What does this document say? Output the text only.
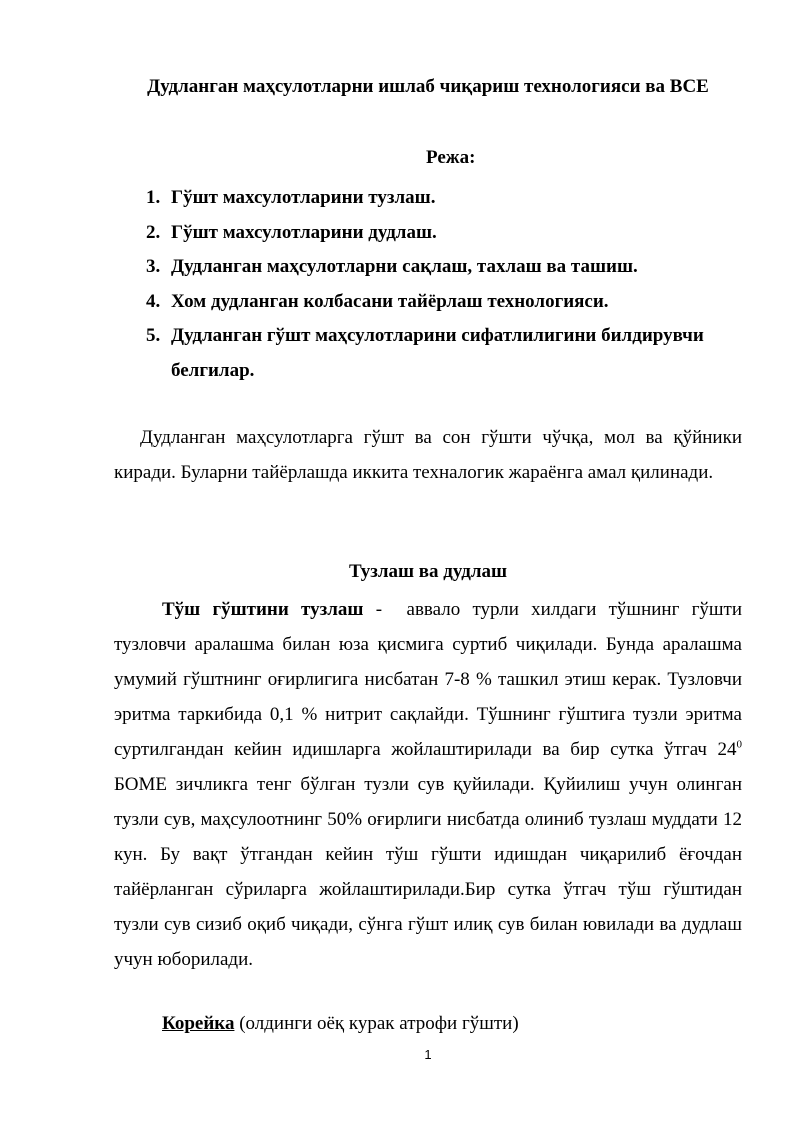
Дудланган маҳсулотларни ишлаб чиқариш технологияси ва ВСЕ
Режа:
1. Гўшт махсулотларини тузлаш.
2. Гўшт махсулотларини дудлаш.
3. Дудланган маҳсулотларни сақлаш, тахлаш ва ташиш.
4. Хом дудланган колбасани тайёрлаш технологияси.
5. Дудланган гўшт маҳсулотларини сифатлилигини билдирувчи белгилар.
Дудланган маҳсулотларга гўшт ва сон гўшти чўчқа, мол ва қўйники киради. Буларни тайёрлашда иккита техналогик жараёнга амал қилинади.
Тузлаш ва дудлаш
Тўш гўштини тузлаш -  аввало турли хилдаги тўшнинг гўшти тузловчи аралашма билан юза қисмига суртиб чиқилади. Бунда аралашма умумий гўштнинг оғирлигига нисбатан 7-8 % ташкил этиш керак. Тузловчи эритма таркибида 0,1 % нитрит сақлайди. Тўшнинг гўштига тузли эритма суртилгандан кейин идишларга жойлаштирилади ва бир сутка ўтгач $24^0$  БОМЕ зичликга тенг бўлган тузли сув қуйилади. Қуйилиш учун олинган тузли сув, маҳсулоотнинг 50% оғирлиги нисбатда олиниб тузлаш муддати 12 кун. Бу вақт ўтгандан кейин тўш гўшти идишдан чиқарилиб ёғочдан тайёрланган сўриларга жойлаштирилади.Бир сутка ўтгач тўш гўштидан тузли сув сизиб оқиб чиқади, сўнга гўшт илиқ сув билан ювилади ва дудлаш учун юборилади.
Корейка (олдинги оёқ курак атрофи гўшти)
1
